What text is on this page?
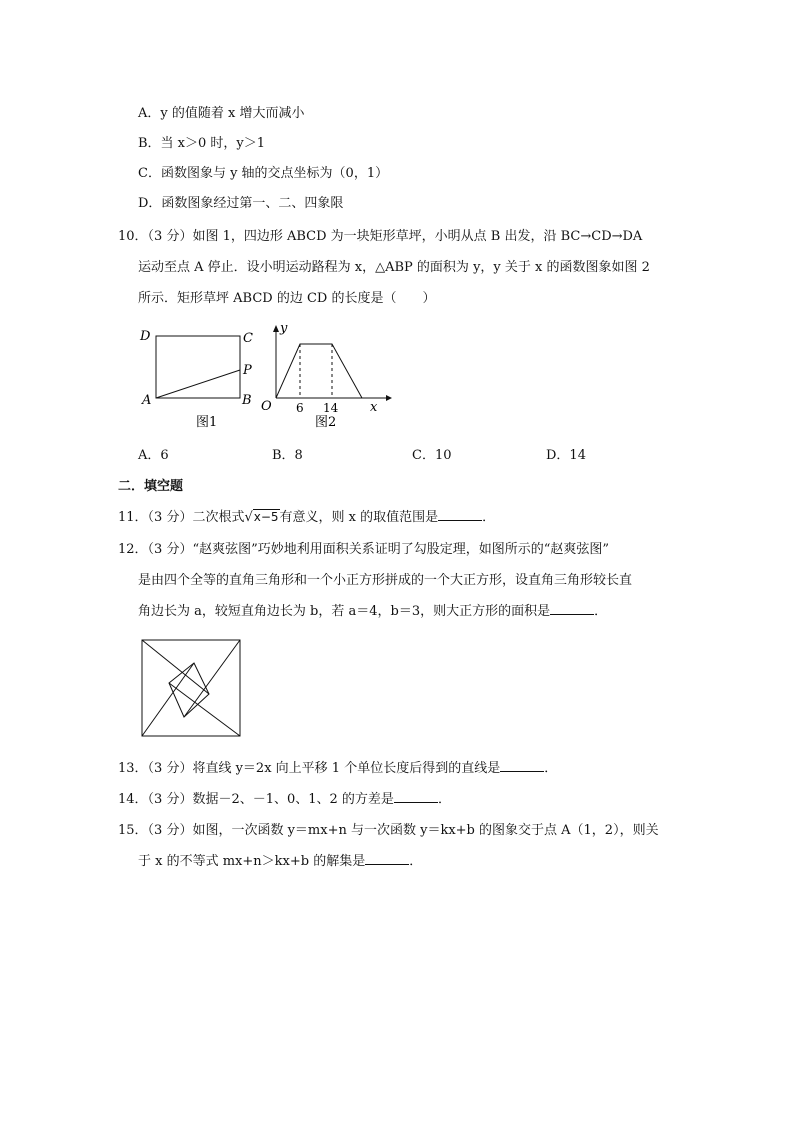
A．y 的值随着 x 增大而减小
B．当 x＞0 时，y＞1
C．函数图象与 y 轴的交点坐标为（0，1）
D．函数图象经过第一、二、四象限
10．（3 分）如图 1，四边形 ABCD 为一块矩形草坪，小明从点 B 出发，沿 BC→CD→DA
运动至点 A 停止．设小明运动路程为 x，△ABP 的面积为 y，y 关于 x 的函数图象如图 2
所示．矩形草坪 ABCD 的边 CD 的长度是（　　）
D	C
P
A	B
图1
y
O 6 14 x
图2
A．6	B．8	C．10	D．14
二．填空题
11．（3 分）二次根式√x−5有意义，则 x 的取值范围是	．
12．（3 分）“赵爽弦图”巧妙地利用面积关系证明了勾股定理，如图所示的“赵爽弦图”
是由四个全等的直角三角形和一个小正方形拼成的一个大正方形，设直角三角形较长直
角边长为 a，较短直角边长为 b，若 a＝4，b＝3，则大正方形的面积是	．
13．（3 分）将直线 y＝2x 向上平移 1 个单位长度后得到的直线是	．
14．（3 分）数据－2、－1、0、1、2 的方差是	．
15．（3 分）如图，一次函数 y＝mx+n 与一次函数 y＝kx+b 的图象交于点 A（1，2），则关
于 x 的不等式 mx+n＞kx+b 的解集是	．
